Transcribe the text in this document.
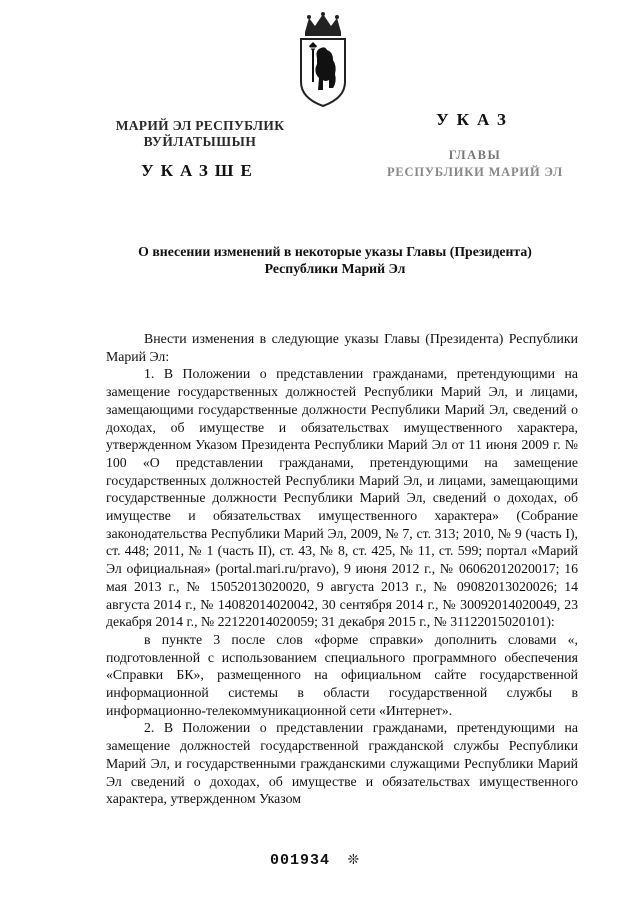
МАРИЙ ЭЛ РЕСПУБЛИК
ВУЙЛАТЫШЫН
УКАЗШЕ
УКАЗ
ГЛАВЫ
РЕСПУБЛИКИ МАРИЙ ЭЛ
О внесении изменений в некоторые указы Главы (Президента)
Республики Марий Эл

Внести изменения в следующие указы Главы (Президента) Республики Марий Эл:

1. В Положении о представлении гражданами, претендующими на замещение государственных должностей Республики Марий Эл, и лицами, замещающими государственные должности Республики Марий Эл, сведений о доходах, об имуществе и обязательствах имущественного характера, утвержденном Указом Президента Республики Марий Эл от 11 июня 2009 г. № 100 «О представлении гражданами, претендующими на замещение государственных должностей Республики Марий Эл, и лицами, замещающими государственные должности Республики Марий Эл, сведений о доходах, об имуществе и обязательствах имущественного характера» (Собрание законодательства Республики Марий Эл, 2009, № 7, ст. 313; 2010, № 9 (часть I), ст. 448; 2011, № 1 (часть II), ст. 43, № 8, ст. 425, № 11, ст. 599; портал «Марий Эл официальная» (portal.mari.ru/pravo), 9 июня 2012 г., № 06062012020017; 16 мая 2013 г., № 15052013020020, 9 августа 2013 г., № 09082013020026; 14 августа 2014 г., № 14082014020042, 30 сентября 2014 г., № 30092014020049, 23 декабря 2014 г., № 22122014020059; 31 декабря 2015 г., № 31122015020101):

в пункте 3 после слов «форме справки» дополнить словами «, подготовленной с использованием специального программного обеспечения «Справки БК», размещенного на официальном сайте государственной информационной системы в области государственной службы в информационно-телекоммуникационной сети «Интернет».

2. В Положении о представлении гражданами, претендующими на замещение должностей государственной гражданской службы Республики Марий Эл, и государственными гражданскими служащими Республики Марий Эл сведений о доходах, об имуществе и обязательствах имущественного характера, утвержденном Указом

001934 ❊
